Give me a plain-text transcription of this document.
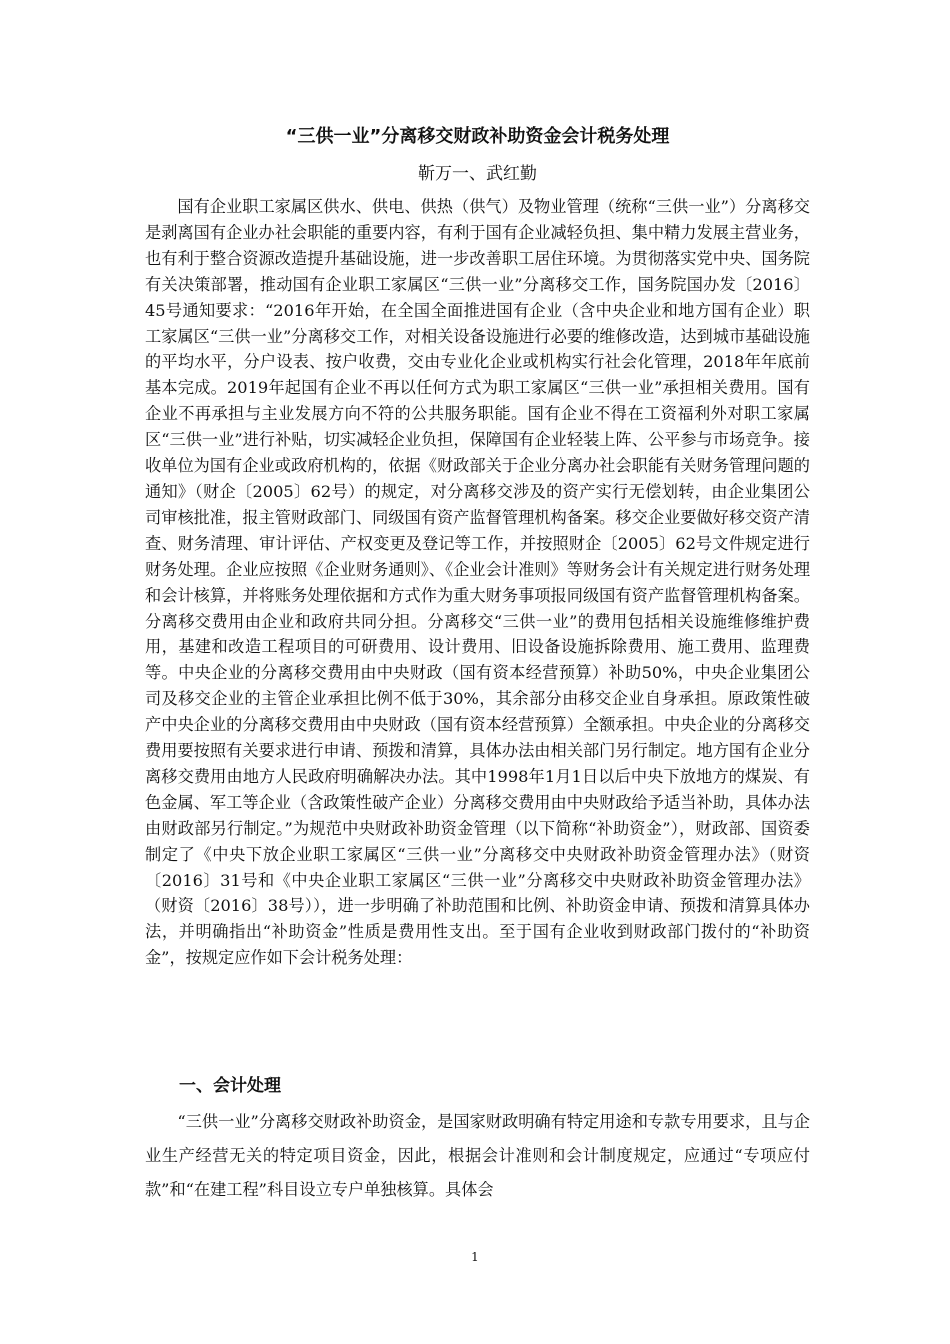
“三供一业”分离移交财政补助资金会计税务处理
靳万一、武红勤

国有企业职工家属区供水、供电、供热（供气）及物业管理（统称“三供一业”）分离移交是剥离国有企业办社会职能的重要内容，有利于国有企业减轻负担、集中精力发展主营业务，也有利于整合资源改造提升基础设施，进一步改善职工居住环境。为贯彻落实党中央、国务院有关决策部署，推动国有企业职工家属区“三供一业”分离移交工作，国务院国办发〔2016〕45号通知要求：“2016年开始，在全国全面推进国有企业（含中央企业和地方国有企业）职工家属区“三供一业”分离移交工作，对相关设备设施进行必要的维修改造，达到城市基础设施的平均水平，分户设表、按户收费，交由专业化企业或机构实行社会化管理，2018年年底前基本完成。2019年起国有企业不再以任何方式为职工家属区“三供一业”承担相关费用。国有企业不再承担与主业发展方向不符的公共服务职能。国有企业不得在工资福利外对职工家属区“三供一业”进行补贴，切实减轻企业负担，保障国有企业轻装上阵、公平参与市场竞争。接收单位为国有企业或政府机构的，依据《财政部关于企业分离办社会职能有关财务管理问题的通知》（财企〔2005〕62号）的规定，对分离移交涉及的资产实行无偿划转，由企业集团公司审核批准，报主管财政部门、同级国有资产监督管理机构备案。移交企业要做好移交资产清查、财务清理、审计评估、产权变更及登记等工作，并按照财企〔2005〕62号文件规定进行财务处理。企业应按照《企业财务通则》、《企业会计准则》等财务会计有关规定进行财务处理和会计核算，并将账务处理依据和方式作为重大财务事项报同级国有资产监督管理机构备案。分离移交费用由企业和政府共同分担。分离移交“三供一业”的费用包括相关设施维修维护费用，基建和改造工程项目的可研费用、设计费用、旧设备设施拆除费用、施工费用、监理费等。中央企业的分离移交费用由中央财政（国有资本经营预算）补助50%，中央企业集团公司及移交企业的主管企业承担比例不低于30%，其余部分由移交企业自身承担。原政策性破产中央企业的分离移交费用由中央财政（国有资本经营预算）全额承担。中央企业的分离移交费用要按照有关要求进行申请、预拨和清算，具体办法由相关部门另行制定。地方国有企业分离移交费用由地方人民政府明确解决办法。其中1998年1月1日以后中央下放地方的煤炭、有色金属、军工等企业（含政策性破产企业）分离移交费用由中央财政给予适当补助，具体办法由财政部另行制定。”为规范中央财政补助资金管理（以下简称“补助资金”），财政部、国资委制定了《中央下放企业职工家属区“三供一业”分离移交中央财政补助资金管理办法》（财资〔2016〕31号和《中央企业职工家属区“三供一业”分离移交中央财政补助资金管理办法》（财资〔2016〕38号）），进一步明确了补助范围和比例、补助资金申请、预拨和清算具体办法，并明确指出“补助资金”性质是费用性支出。至于国有企业收到财政部门拨付的“补助资金”，按规定应作如下会计税务处理：

一、会计处理

“三供一业”分离移交财政补助资金，是国家财政明确有特定用途和专款专用要求，且与企业生产经营无关的特定项目资金，因此，根据会计准则和会计制度规定，应通过“专项应付款”和“在建工程”科目设立专户单独核算。具体会

1
